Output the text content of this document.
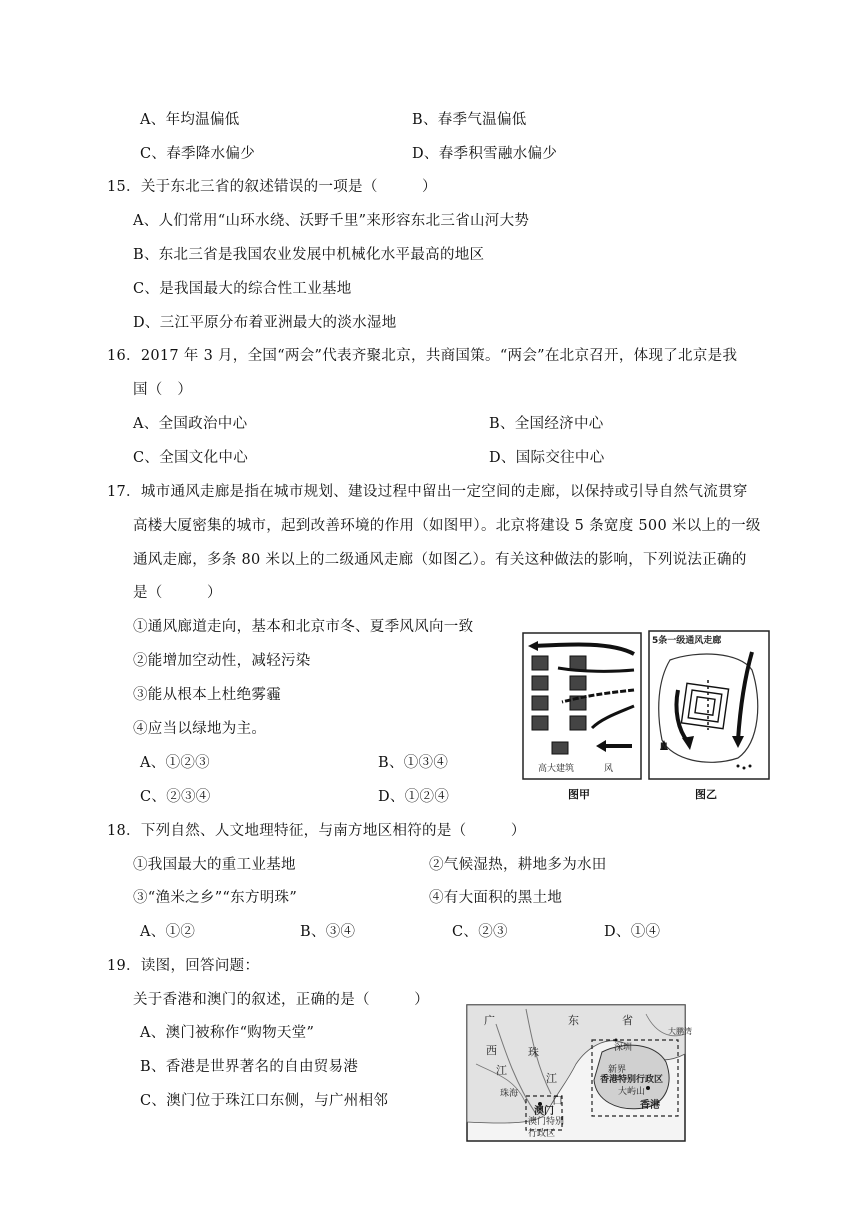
A、年均温偏低	B、春季气温偏低
C、春季降水偏少	D、春季积雪融水偏少
15．关于东北三省的叙述错误的一项是（　　　）
A、人们常用“山环水绕、沃野千里”来形容东北三省山河大势
B、东北三省是我国农业发展中机械化水平最高的地区
C、是我国最大的综合性工业基地
D、三江平原分布着亚洲最大的淡水湿地
16．2017 年 3 月，全国“两会”代表齐聚北京，共商国策。“两会”在北京召开，体现了北京是我
国（　）
A、全国政治中心	B、全国经济中心
C、全国文化中心	D、国际交往中心
17．城市通风走廊是指在城市规划、建设过程中留出一定空间的走廊，以保持或引导自然气流贯穿
高楼大厦密集的城市，起到改善环境的作用（如图甲）。北京将建设 5 条宽度 500 米以上的一级
通风走廊，多条 80 米以上的二级通风走廊（如图乙）。有关这种做法的影响，下列说法正确的
是（　　　）
①通风廊道走向，基本和北京市冬、夏季风风向一致
②能增加空动性，减轻污染
③能从根本上杜绝雾霾
④应当以绿地为主。
A、①②③	B、①③④
C、②③④	D、①②④
高大建筑	风
图甲
5条一级通风走廊
N
图乙
18．下列自然、人文地理特征，与南方地区相符的是（　　　）
①我国最大的重工业基地	②气候湿热，耕地多为水田
③“渔米之乡”“东方明珠”	④有大面积的黑土地
A、①②	B、③④	C、②③	D、①④
19．读图，回答问题：
关于香港和澳门的叙述，正确的是（　　　）
A、澳门被称作“购物天堂”
B、香港是世界著名的自由贸易港
C、澳门位于珠江口东侧，与广州相邻
广	东	省
西	珠
江
江
口
深圳
新界
香港特别行政区
大屿山
香港
澳门
澳门特别
行政区
珠海
大鹏湾
